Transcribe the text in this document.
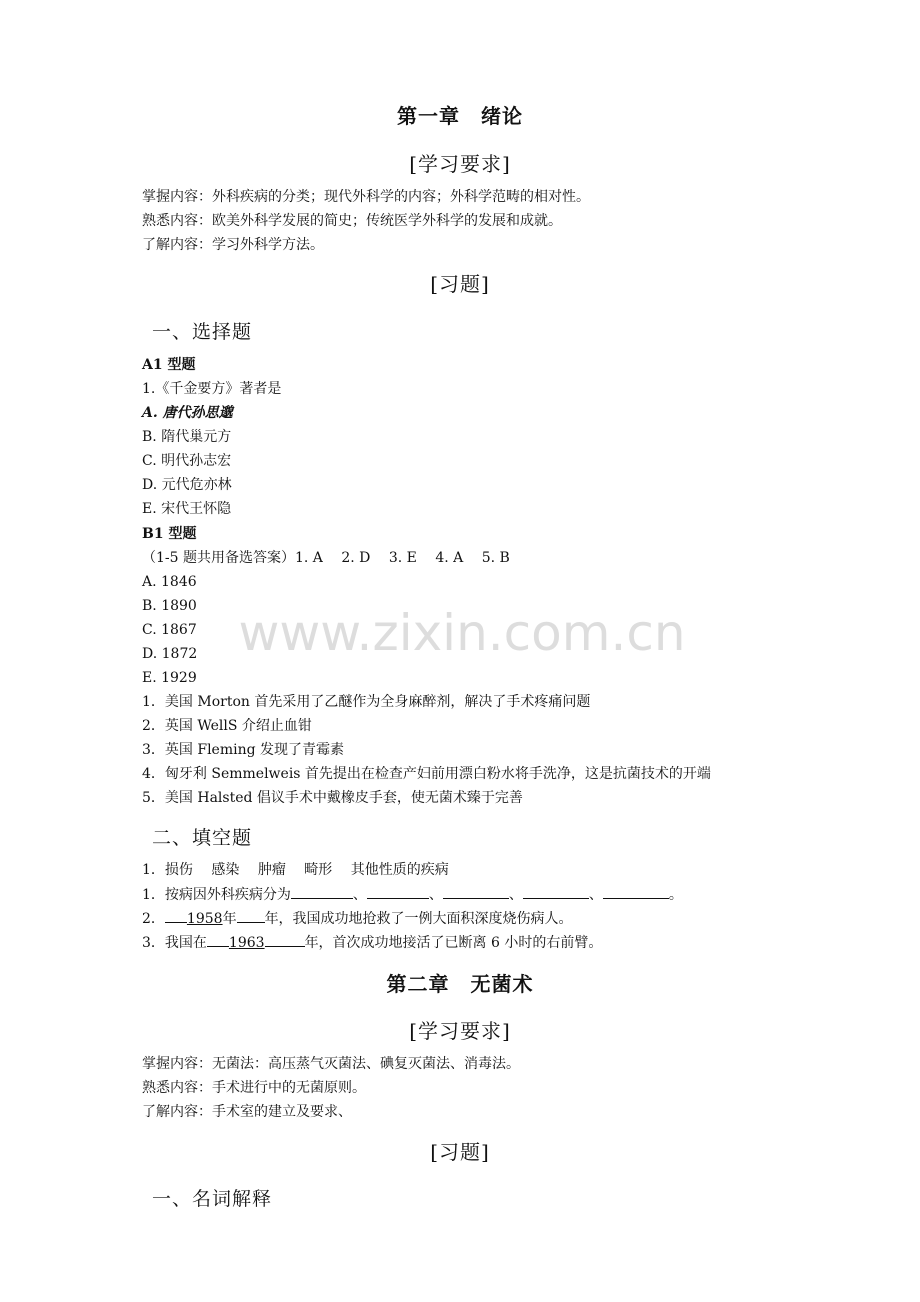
www.zixin.com.cn
第一章　绪论
[学习要求]
掌握内容：外科疾病的分类；现代外科学的内容；外科学范畴的相对性。
熟悉内容：欧美外科学发展的简史；传统医学外科学的发展和成就。
了解内容：学习外科学方法。
[习题]
一、选择题
A1 型题
1.《千金要方》著者是
A. 唐代孙思邈
B. 隋代巢元方
C. 明代孙志宏
D. 元代危亦林
E. 宋代王怀隐
B1 型题
（1-5 题共用备选答案）1. A　 2. D　 3. E　 4. A　 5. B
A. 1846
B. 1890
C. 1867
D. 1872
E. 1929
1．美国 Morton 首先采用了乙醚作为全身麻醉剂，解决了手术疼痛问题
2．英国 WellS 介绍止血钳
3．英国 Fleming 发现了青霉素
4．匈牙利 Semmelweis 首先提出在检查产妇前用漂白粉水将手洗净，这是抗菌技术的开端
5．美国 Halsted 倡议手术中戴橡皮手套，使无菌术臻于完善
二、填空题
1．损伤 感染 肿瘤 畸形 其他性质的疾病
1．按病因外科疾病分为	、	、	、	、	。
2． 1958年 年，我国成功地抢救了一例大面积深度烧伤病人。
3．我国在 1963	年，首次成功地接活了已断离 6 小时的右前臂。
第二章　无菌术
[学习要求]
掌握内容：无菌法：高压蒸气灭菌法、碘复灭菌法、消毒法。
熟悉内容：手术进行中的无菌原则。
了解内容：手术室的建立及要求、
[习题]
一、名词解释
